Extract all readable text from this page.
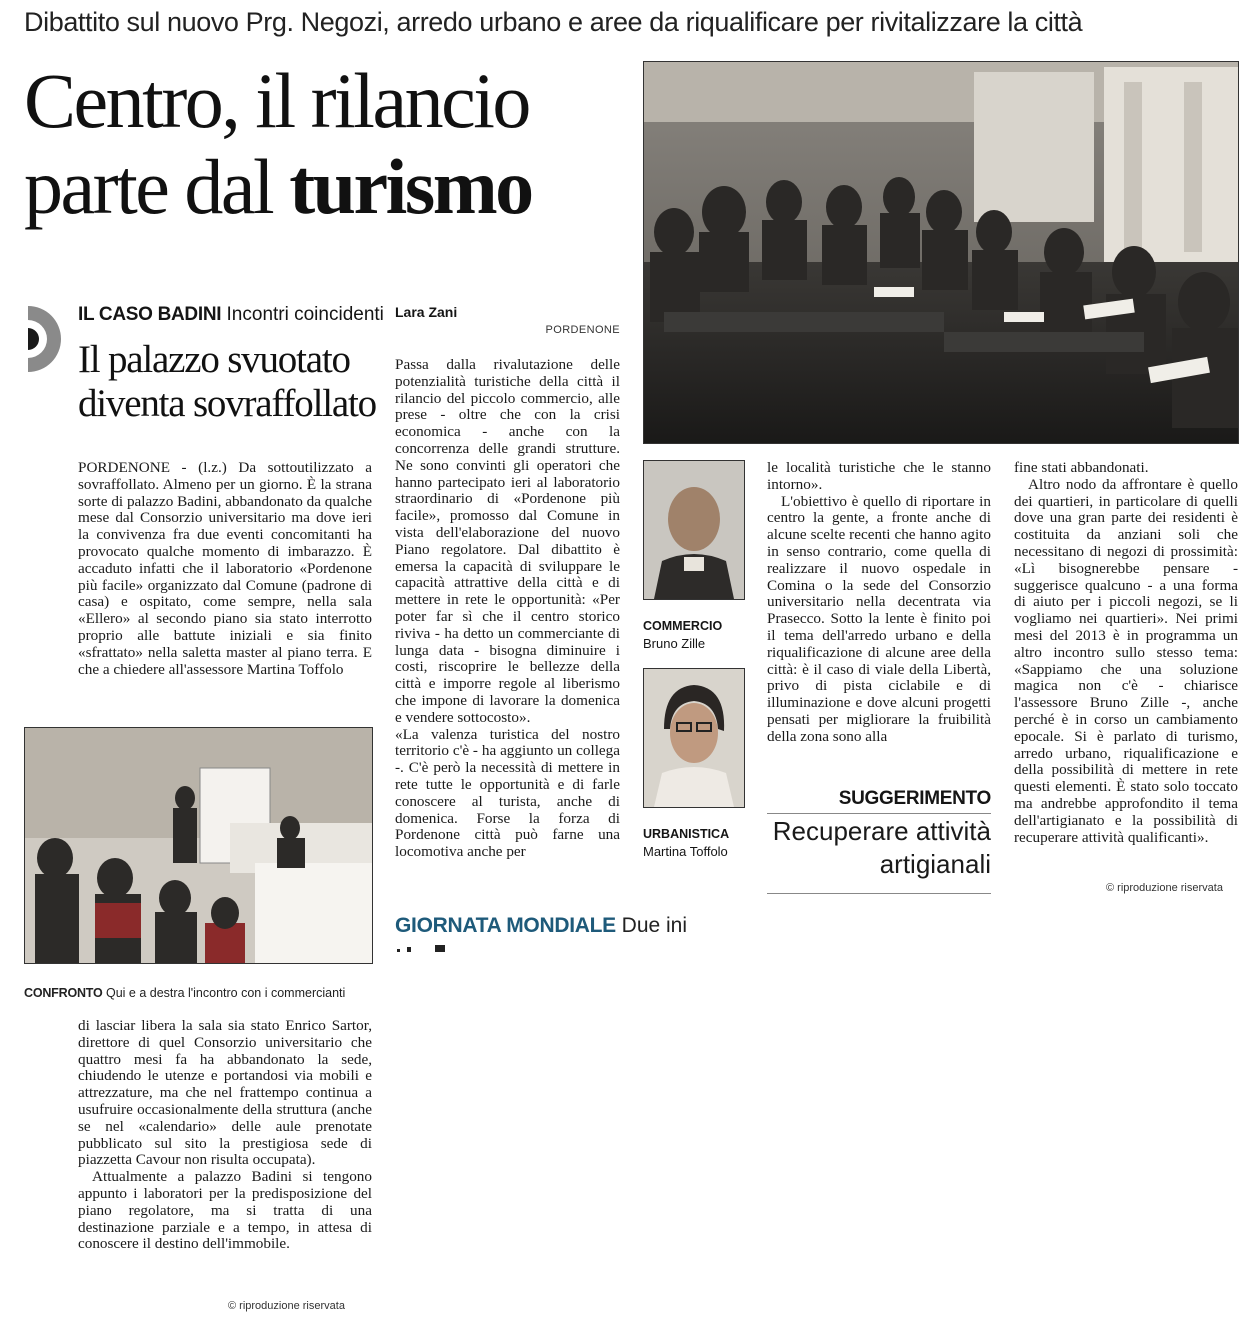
Dibattito sul nuovo Prg. Negozi, arredo urbano e aree da riqualificare per rivitalizzare la città
Centro, il rilancio
parte dal turismo
IL CASO BADINI Incontri coincidenti
Il palazzo svuotato diventa sovraffollato

PORDENONE - (l.z.) Da sottoutilizzato a sovraffollato. Almeno per un giorno. È la strana sorte di palazzo Badini, abbandonato da qualche mese dal Consorzio universitario ma dove ieri la convivenza fra due eventi concomitanti ha provocato qualche momento di imbarazzo. È accaduto infatti che il laboratorio «Pordenone più facile» organizzato dal Comune (padrone di casa) e ospitato, come sempre, nella sala «Ellero» al secondo piano sia stato interrotto proprio alle battute iniziali e sia finito «sfrattato» nella saletta master al piano terra. E che a chiedere all'assessore Martina Toffolo

CONFRONTO Qui e a destra l'incontro con i commercianti

di lasciar libera la sala sia stato Enrico Sartor, direttore di quel Consorzio universitario che quattro mesi fa ha abbandonato la sede, chiudendo le utenze e portandosi via mobili e attrezzature, ma che nel frattempo continua a usufruire occasionalmente della struttura (anche se nel «calendario» delle aule prenotate pubblicato sul sito la prestigiosa sede di piazzetta Cavour non risulta occupata).

Attualmente a palazzo Badini si tengono appunto i laboratori per la predisposizione del piano regolatore, ma si tratta di una destinazione parziale e a tempo, in attesa di conoscere il destino dell'immobile.

© riproduzione riservata
Lara Zani
PORDENONE

Passa dalla rivalutazione delle potenzialità turistiche della città il rilancio del piccolo commercio, alle prese - oltre che con la crisi economica - anche con la concorrenza delle grandi strutture. Ne sono convinti gli operatori che hanno partecipato ieri al laboratorio straordinario di «Pordenone più facile», promosso dal Comune in vista dell'elaborazione del nuovo Piano regolatore. Dal dibattito è emersa la capacità di sviluppare le capacità attrattive della città e di mettere in rete le opportunità: «Per poter far sì che il centro storico riviva - ha detto un commerciante di lunga data - bisogna diminuire i costi, riscoprire le bellezze della città e imporre regole al liberismo che impone di lavorare la domenica e vendere sottocosto».

«La valenza turistica del nostro territorio c'è - ha aggiunto un collega -. C'è però la necessità di mettere in rete tutte le opportunità e di farle conoscere al turista, anche di domenica. Forse la forza di Pordenone città può farne una locomotiva anche per

COMMERCIO
Bruno Zille
URBANISTICA
Martina Toffolo

le località turistiche che le stanno intorno».

L'obiettivo è quello di riportare in centro la gente, a fronte anche di alcune scelte recenti che hanno agito in senso contrario, come quella di realizzare il nuovo ospedale in Comina o la sede del Consorzio universitario nella decentrata via Prasecco. Sotto la lente è finito poi il tema dell'arredo urbano e della riqualificazione di alcune aree della città: è il caso di viale della Libertà, privo di pista ciclabile e di illuminazione e dove alcuni progetti pensati per migliorare la fruibilità della zona sono alla

SUGGERIMENTO
Recuperare attività artigianali

fine stati abbandonati.

Altro nodo da affrontare è quello dei quartieri, in particolare di quelli dove una gran parte dei residenti è costituita da anziani soli che necessitano di negozi di prossimità: «Lì bisognerebbe pensare - suggerisce qualcuno - a una forma di aiuto per i piccoli negozi, se li vogliamo nei quartieri». Nei primi mesi del 2013 è in programma un altro incontro sullo stesso tema: «Sappiamo che una soluzione magica non c'è - chiarisce l'assessore Bruno Zille -, anche perché è in corso un cambiamento epocale. Si è parlato di turismo, arredo urbano, riqualificazione e della possibilità di mettere in rete questi elementi. È stato solo toccato ma andrebbe approfondito il tema dell'artigianato e la possibilità di recuperare attività qualificanti».

© riproduzione riservata
GIORNATA MONDIALE Due ini
